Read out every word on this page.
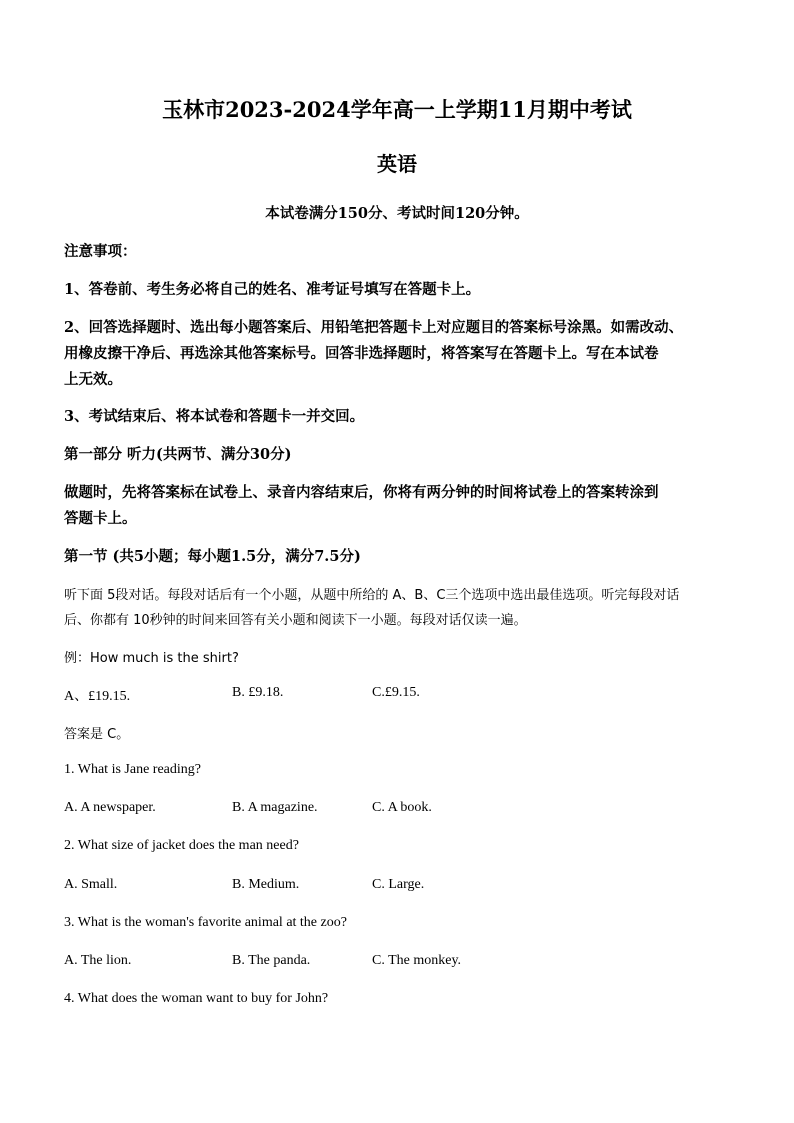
玉林市2023-2024学年高一上学期11月期中考试
英语
本试卷满分150分、考试时间120分钟。
注意事项：
1、答卷前、考生务必将自己的姓名、准考证号填写在答题卡上。
2、回答选择题时、选出每小题答案后、用铅笔把答题卡上对应题目的答案标号涂黑。如需改动、
用橡皮擦干净后、再选涂其他答案标号。回答非选择题时，将答案写在答题卡上。写在本试卷
上无效。
3、考试结束后、将本试卷和答题卡一并交回。
第一部分 听力(共两节、满分30分)
做题时，先将答案标在试卷上、录音内容结束后，你将有两分钟的时间将试卷上的答案转涂到
答题卡上。
第一节 (共5小题；每小题1.5分，满分7.5分)
听下面 5段对话。每段对话后有一个小题，从题中所给的 A、B、C三个选项中选出最佳选项。听完每段对话
后、你都有 10秒钟的时间来回答有关小题和阅读下一小题。每段对话仅读一遍。
例：How much is the shirt?
A、£19.15.	B. £9.18.	C.£9.15.
答案是 C。
1. What is Jane reading?
A. A newspaper.	B. A magazine.	C. A book.
2. What size of jacket does the man need?
A. Small.	B. Medium.	C. Large.
3. What is the woman's favorite animal at the zoo?
A. The lion.	B. The panda.	C. The monkey.
4. What does the woman want to buy for John?
